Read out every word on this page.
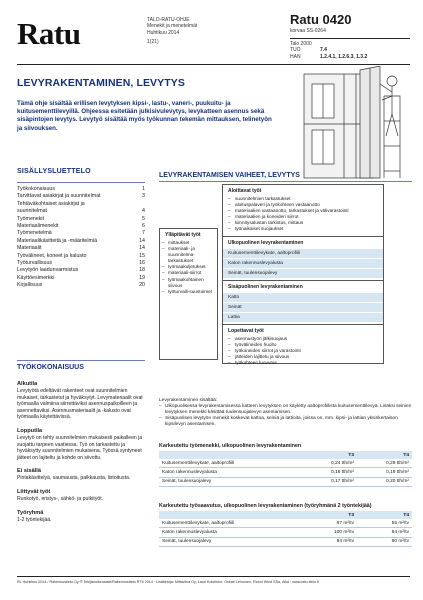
Ratu	TALO-RATU-OHJE
Menekit ja menetelmät
Huhtikuu 2014
1(21)
Ratu 0420
korvaa SS-0264
Talo 2000
TUO	7.4
HAN	1.2.4.1, 1.2.6.3, 1.3.2
LEVYRAKENTAMINEN, LEVYTYS
Tämä ohje sisältää erillisen levytyksen kipsi-, lastu-, vaneri-, puukuitu- ja kuitusementtilevyillä. Ohjeessa esitetään julkisivulevytys, levykatteen asennus sekä sisäpintojen levytys. Levytyö sisältää myös työkunnan tekemän mittauksen, telinetyön ja siivouksen.
SISÄLLYSLUETTELO
Työkokonaisuus	1
Tarvittavat asiakirjat ja suunnitelmat	3
Tehtäväkohtaiset asiakirjat ja
suunnitelmat	4
Työmenekit	5
Materiaalimenekit	6
Työmenetelmä	7
Materiaalikäsitteitä ja -määritelmiä	14
Materiaalit	14
Työvälineet, koneet ja kalusto	15
Työturvallisuus	16
Levytyön laadunvarmistus	18
Käyttöesimerkki	19
Kirjallisuus	20
LEVYRAKENTAMISEN VAIHEET, LEVYTYS
Ylläpitävät työt
– mittaukset
– materiaali- ja suunnitelma-tarkastukset
– työmaakuljetukset
– materiaali-siirrot
– työmaakohtainen siivous
– työturvalli-suustoimet
Aloittavat työt
– suunnitelmien tarkastukset
– aloituspalaveri ja työkohteen vastaanotto
– materiaalien vastaanotto, tarkastukset ja välivarastointi
– materiaalien ja koneiden siirrot
– kiinnitysalustan tarkistus, mittaus
– työnaikaiset suojaukset
Ulkopuolinen levyrakentaminen
Kuitusementtilevykate, aaltoprofiili
Katon rakennuslevyalusta
Seinät, tuulensuojalevy
Sisäpuolinen levyrakentaminen
Katto
Seinät
Lattia
Lopettavat työt
– asennustyön jälkisuojaus
– työvälineiden huolto
– työkoneiden siirrot ja varastointi
– jätteiden lajittelu ja siivous
– työkohteen luovutus
TYÖKOKONAISUUS
Alkutila

Levytyötä edeltävät rakenteet ovat suunnitelmien mukaiset, tarkastetut ja hyväksytyt. Levymateriaalit ovat työmaalla valmiina siirrettäviksi asennuspaikoilleen ja asennettaviksi. Asennusmateriaalit ja -kalusto ovat työmaalla käytettävissä.

Lopputila

Levytyö on tehty suunnitelmien mukaisesti paikalleen ja suojattu tarpeen vaatiessa. Työ on tarkastettu ja hyväksytty suunnitelmien mukaisena. Työssä syntyneet jätteet on lajiteltu ja kohde on siivottu.

Ei sisällä

Pintakäsittelyä, saumausta, paikkausta, listoitusta.

Liittyvät työt

Runkotyö, eristys-, sähkö- ja putkityöt.

Työryhmä

1-2 työntekijää.

Levyrakentaminen sisältää:
– Ulkopuolisessa levyrakentamisessa katteen levytyksen on käytetty aaltoprofiilista kuitusementtilevyä. Lisäksi seinien levytyksen menekki käsittää tuulensuojalevyn asentamisen.
– Sisäpuolisen levytyön menekit koskevat kattoa, seiniä ja lattioita, joissa on, mm. kipsi- ja lattian yksinkertaisen kipsilevyn asentamisen.
Karkeutettu työmenekki, ulkopuolinen levyrakentaminen
	T3	T4
Kuitusementtilevykate, aaltoprofiili	0,24 tth/m²	0,29 tth/m²
Katon rakennuslevyalusta	0,16 tth/m²	0,19 tth/m²
Seinät, tuulensuojalevy	0,17 tth/m²	0,20 tth/m²
Karkeutettu työsaavutus, ulkopuolinen levyrakentaminen (työryhmänä 2 työntekijää)
	T3	T4
Kuitusementtilevykate, aaltoprofiili	67 m²/tv	55 m²/tv
Katon rakennuslevyalusta	100 m²/tv	84 m²/tv
Seinät, tuulensuojalevy	94 m²/tv	80 m²/tv
RL Huhtikuu 2014 / Rakennustieto Oy ® Tekijänoikeuslaki/Rakennustieto RT5 2014 · Lisätietoja: Mittaviiva Oy, Lauri Koistinen, Oskari Leinonen, Ronni Wind SSa, Aika · www.ratu-tieto.fi
